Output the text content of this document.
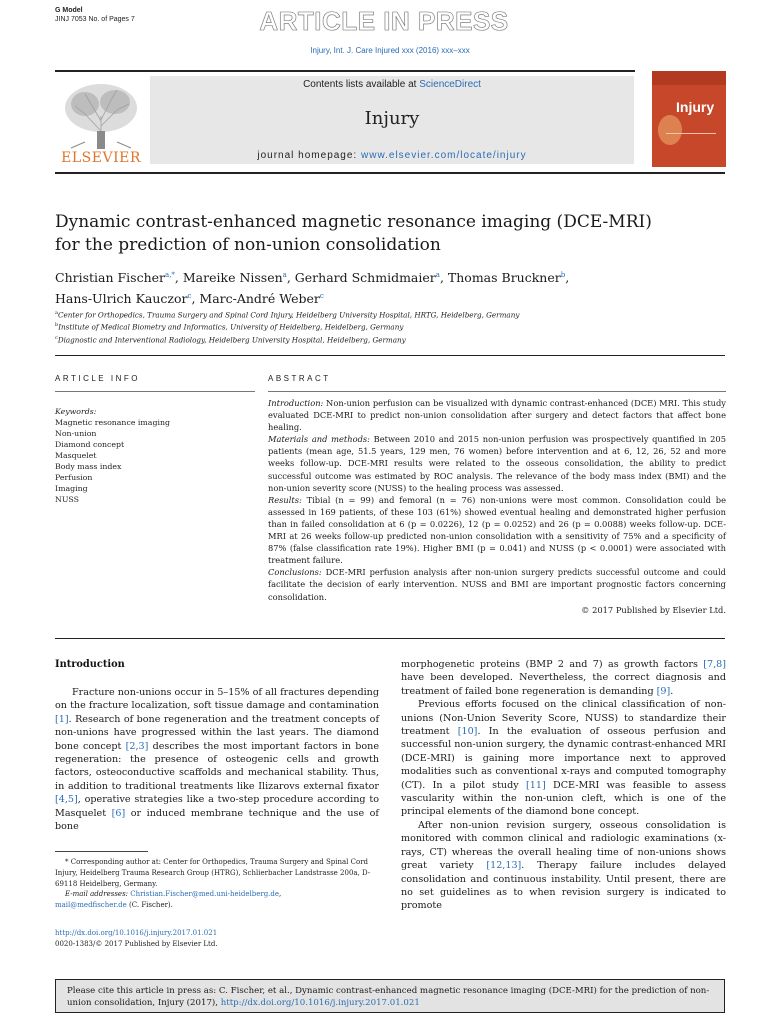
G Model
JINJ 7053 No. of Pages 7	ARTICLE IN PRESS
Injury, Int. J. Care Injured xxx (2016) xxx–xxx
ELSEVIER
Contents lists available at ScienceDirect
Injury
journal homepage: www.elsevier.com/locate/injury
Injury
Dynamic contrast-enhanced magnetic resonance imaging (DCE-MRI)
for the prediction of non-union consolidation
Christian Fischer$^{a,*}$, Mareike Nissen$^a$, Gerhard Schmidmaier$^a$, Thomas Bruckner$^b$,
Hans-Ulrich Kauczor$^c$, Marc-André Weber$^c$
$^a$Center for Orthopedics, Trauma Surgery and Spinal Cord Injury, Heidelberg University Hospital, HRTG, Heidelberg, Germany
$^b$Institute of Medical Biometry and Informatics, University of Heidelberg, Heidelberg, Germany
$^c$Diagnostic and Interventional Radiology, Heidelberg University Hospital, Heidelberg, Germany
ARTICLE INFO	ABSTRACT
Keywords:
Magnetic resonance imaging
Non-union
Diamond concept
Masquelet
Body mass index
Perfusion
Imaging
NUSS

Introduction: Non-union perfusion can be visualized with dynamic contrast-enhanced (DCE) MRI. This study evaluated DCE-MRI to predict non-union consolidation after surgery and detect factors that affect bone healing.

Materials and methods: Between 2010 and 2015 non-union perfusion was prospectively quantified in 205 patients (mean age, 51.5 years, 129 men, 76 women) before intervention and at 6, 12, 26, 52 and more weeks follow-up. DCE-MRI results were related to the osseous consolidation, the ability to predict successful outcome was estimated by ROC analysis. The relevance of the body mass index (BMI) and the non-union severity score (NUSS) to the healing process was assessed.

Results: Tibial (n = 99) and femoral (n = 76) non-unions were most common. Consolidation could be assessed in 169 patients, of these 103 (61%) showed eventual healing and demonstrated higher perfusion than in failed consolidation at 6 (p = 0.0226), 12 (p = 0.0252) and 26 (p = 0.0088) weeks follow-up. DCE-MRI at 26 weeks follow-up predicted non-union consolidation with a sensitivity of 75% and a specificity of 87% (false classification rate 19%). Higher BMI (p = 0.041) and NUSS (p < 0.0001) were associated with treatment failure.

Conclusions: DCE-MRI perfusion analysis after non-union surgery predicts successful outcome and could facilitate the decision of early intervention. NUSS and BMI are important prognostic factors concerning consolidation.

© 2017 Published by Elsevier Ltd.
Introduction

Fracture non-unions occur in 5–15% of all fractures depending on the fracture localization, soft tissue damage and contamination [1]. Research of bone regeneration and the treatment concepts of non-unions have progressed within the last years. The diamond bone concept [2,3] describes the most important factors in bone regeneration: the presence of osteogenic cells and growth factors, osteoconductive scaffolds and mechanical stability. Thus, in addition to traditional treatments like Ilizarovs external fixator [4,5], operative strategies like a two-step procedure according to Masquelet [6] or induced membrane technique and the use of bone

morphogenetic proteins (BMP 2 and 7) as growth factors [7,8] have been developed. Nevertheless, the correct diagnosis and treatment of failed bone regeneration is demanding [9].

Previous efforts focused on the clinical classification of non-unions (Non-Union Severity Score, NUSS) to standardize their treatment [10]. In the evaluation of osseous perfusion and successful non-union surgery, the dynamic contrast-enhanced MRI (DCE-MRI) is gaining more importance next to approved modalities such as conventional x-rays and computed tomography (CT). In a pilot study [11] DCE-MRI was feasible to assess vascularity within the non-union cleft, which is one of the principal elements of the diamond bone concept.

After non-union revision surgery, osseous consolidation is monitored with common clinical and radiologic examinations (x-rays, CT) whereas the overall healing time of non-unions shows great variety [12,13]. Therapy failure includes delayed consolidation and continuous instability. Until present, there are no set guidelines as to when revision surgery is indicated to promote

* Corresponding author at: Center for Orthopedics, Trauma Surgery and Spinal Cord Injury, Heidelberg Trauma Research Group (HTRG), Schlierbacher Landstrasse 200a, D-69118 Heidelberg, Germany.
E-mail addresses: Christian.Fischer@med.uni-heidelberg.de,
mail@medfischer.de (C. Fischer).
http://dx.doi.org/10.1016/j.injury.2017.01.021
0020-1383/© 2017 Published by Elsevier Ltd.
Please cite this article in press as: C. Fischer, et al., Dynamic contrast-enhanced magnetic resonance imaging (DCE-MRI) for the prediction of non-union consolidation, Injury (2017), http://dx.doi.org/10.1016/j.injury.2017.01.021
